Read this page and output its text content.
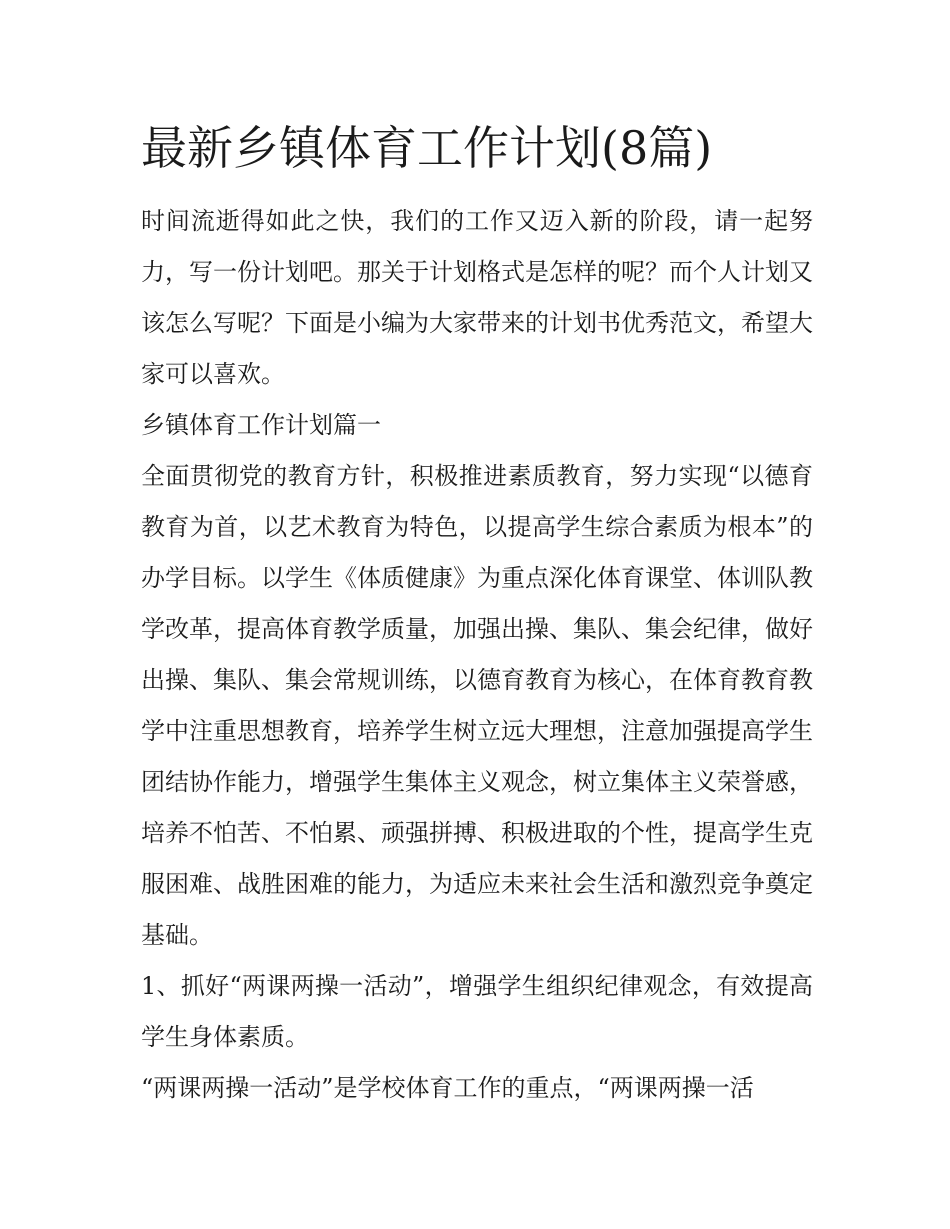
最新乡镇体育工作计划(8篇)

时间流逝得如此之快，我们的工作又迈入新的阶段，请一起努力，写一份计划吧。那关于计划格式是怎样的呢？而个人计划又该怎么写呢？下面是小编为大家带来的计划书优秀范文，希望大家可以喜欢。

乡镇体育工作计划篇一

全面贯彻党的教育方针，积极推进素质教育，努力实现“以德育教育为首，以艺术教育为特色，以提高学生综合素质为根本”的办学目标。以学生《体质健康》为重点深化体育课堂、体训队教学改革，提高体育教学质量，加强出操、集队、集会纪律，做好出操、集队、集会常规训练，以德育教育为核心，在体育教育教学中注重思想教育，培养学生树立远大理想，注意加强提高学生团结协作能力，增强学生集体主义观念，树立集体主义荣誉感，培养不怕苦、不怕累、顽强拼搏、积极进取的个性，提高学生克服困难、战胜困难的能力，为适应未来社会生活和激烈竞争奠定基础。

1、抓好“两课两操一活动”，增强学生组织纪律观念，有效提高学生身体素质。

“两课两操一活动”是学校体育工作的重点，“两课两操一活
